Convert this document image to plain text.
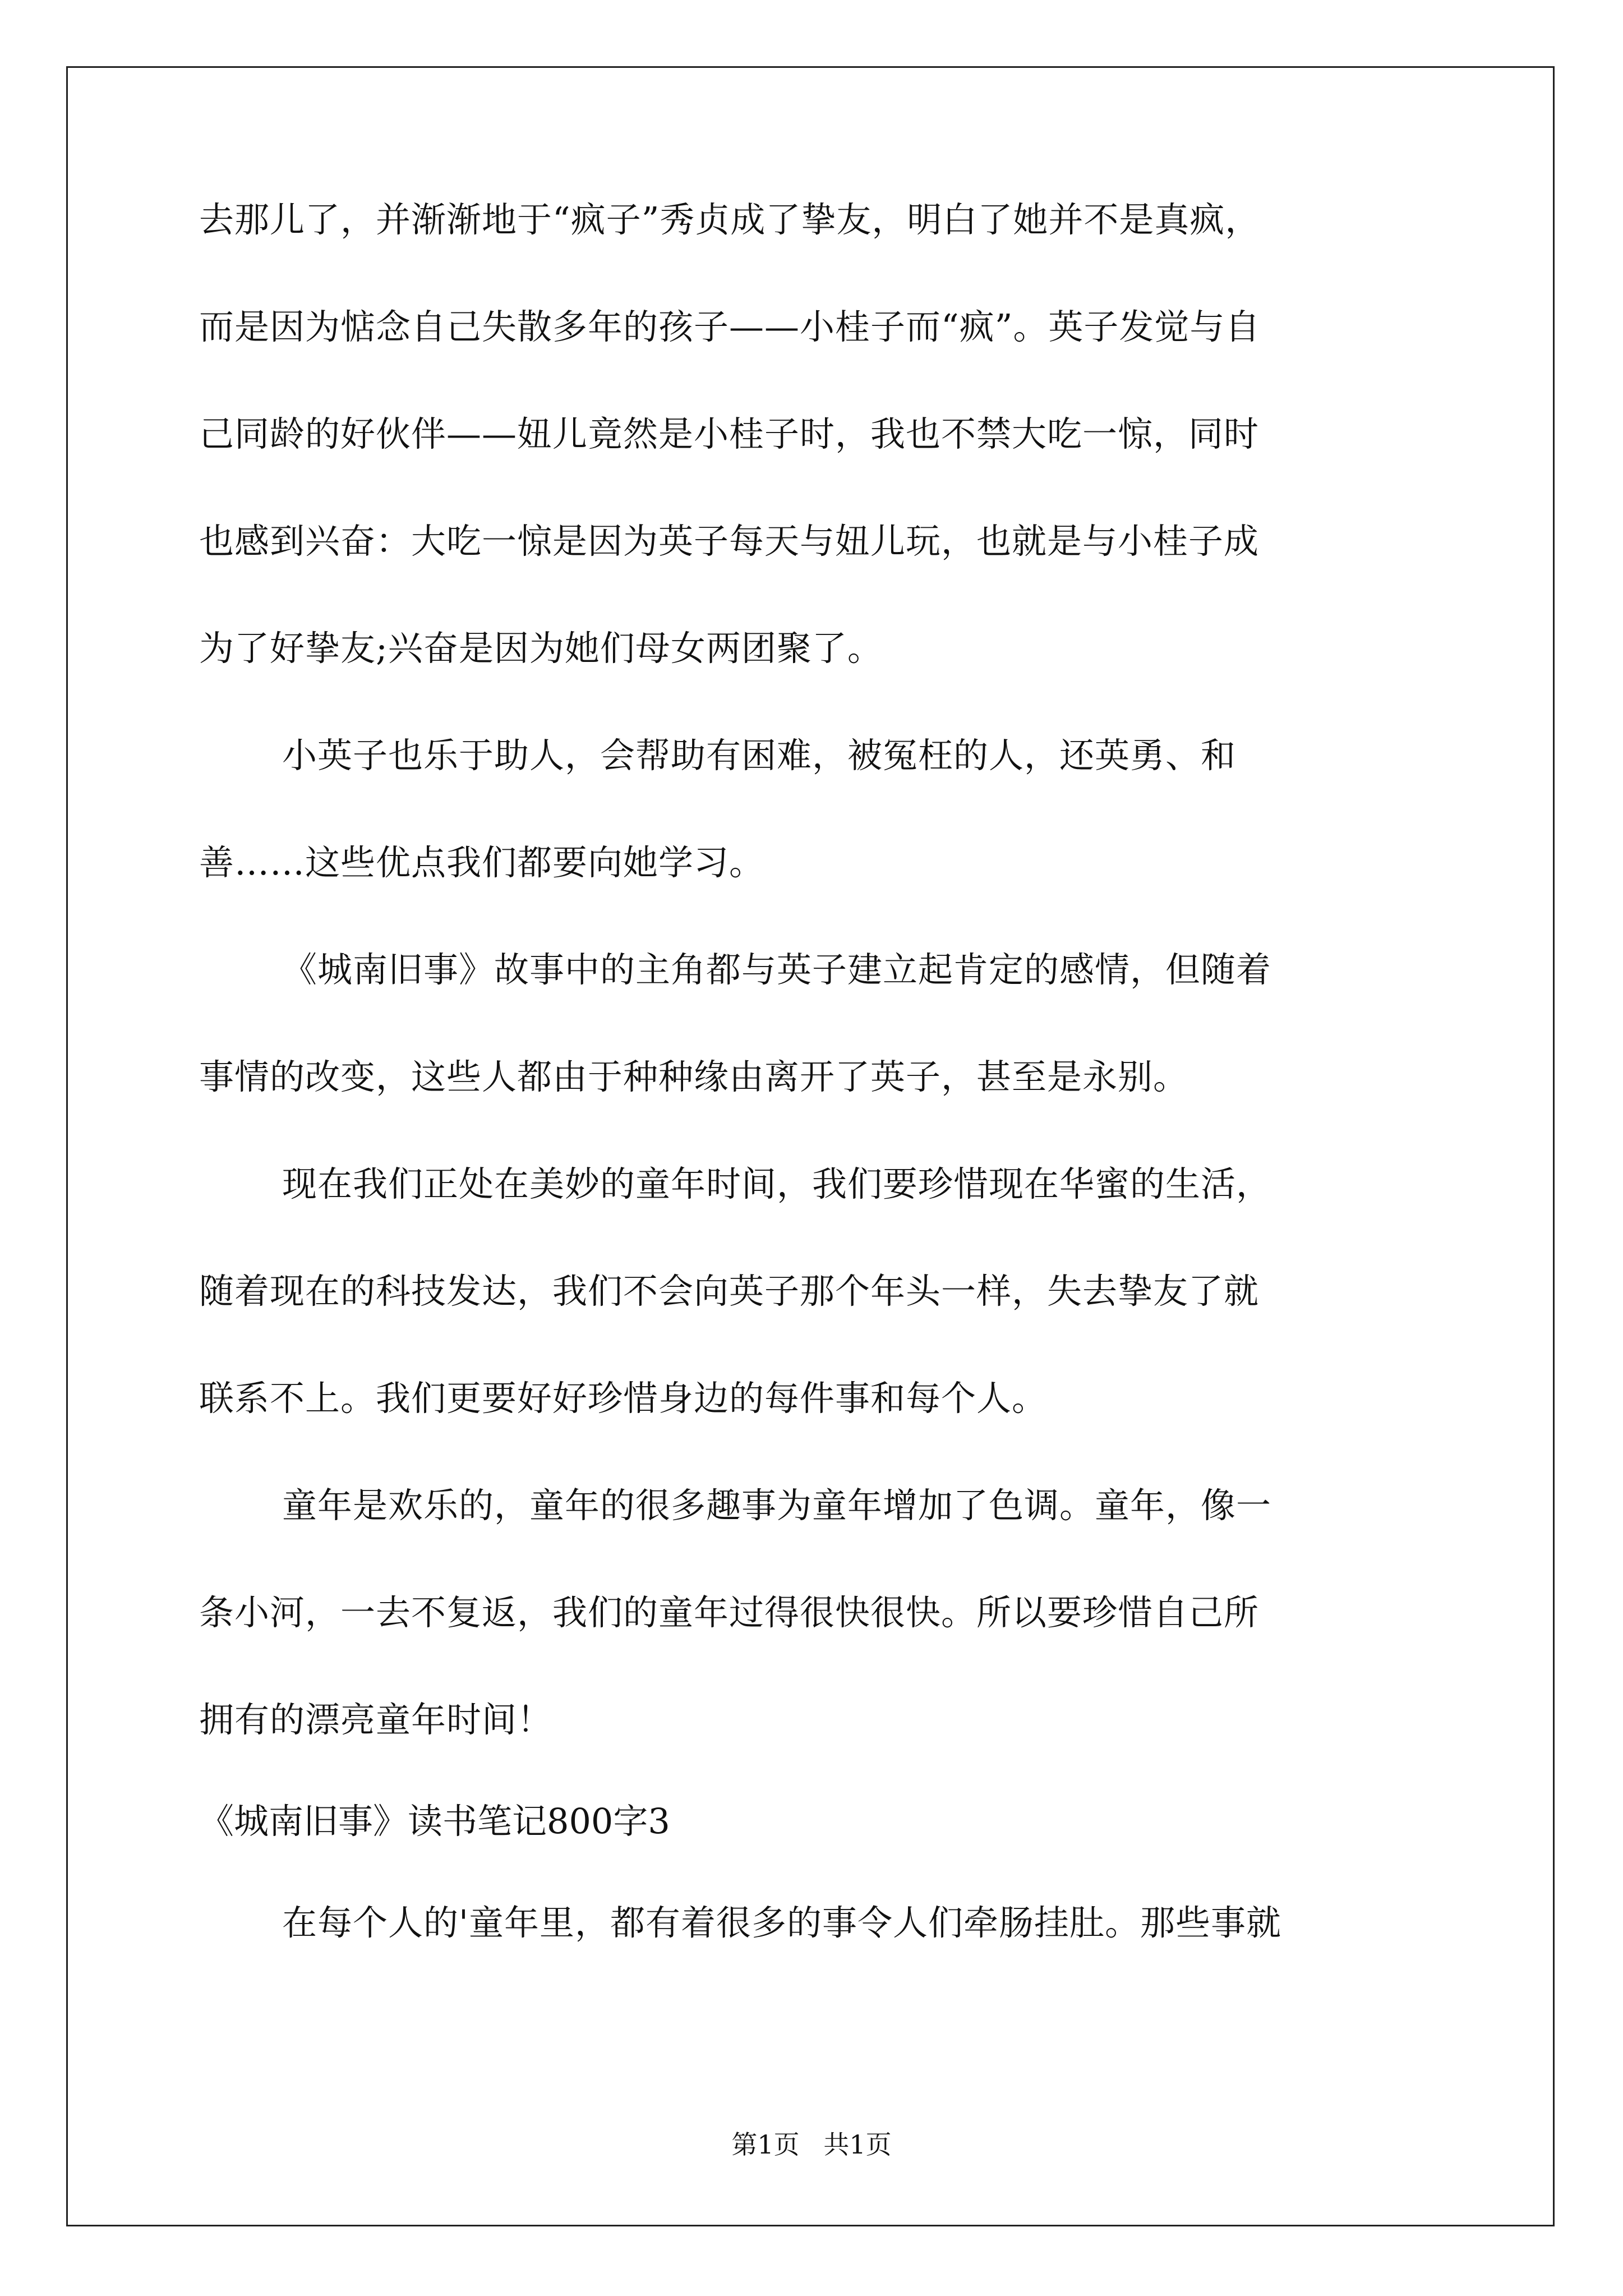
去那儿了，并渐渐地于“疯子”秀贞成了挚友，明白了她并不是真疯，

而是因为惦念自己失散多年的孩子——小桂子而“疯”。英子发觉与自

己同龄的好伙伴——妞儿竟然是小桂子时，我也不禁大吃一惊，同时

也感到兴奋：大吃一惊是因为英子每天与妞儿玩，也就是与小桂子成

为了好挚友;兴奋是因为她们母女两团聚了。

小英子也乐于助人，会帮助有困难，被冤枉的人，还英勇、和

善……这些优点我们都要向她学习。

《城南旧事》故事中的主角都与英子建立起肯定的感情，但随着

事情的改变，这些人都由于种种缘由离开了英子，甚至是永别。

现在我们正处在美妙的童年时间，我们要珍惜现在华蜜的生活，

随着现在的科技发达，我们不会向英子那个年头一样，失去挚友了就

联系不上。我们更要好好珍惜身边的每件事和每个人。

童年是欢乐的，童年的很多趣事为童年增加了色调。童年，像一

条小河，一去不复返，我们的童年过得很快很快。所以要珍惜自己所

拥有的漂亮童年时间！

《城南旧事》读书笔记800字3

在每个人的'童年里，都有着很多的事令人们牵肠挂肚。那些事就

第1页 共1页
